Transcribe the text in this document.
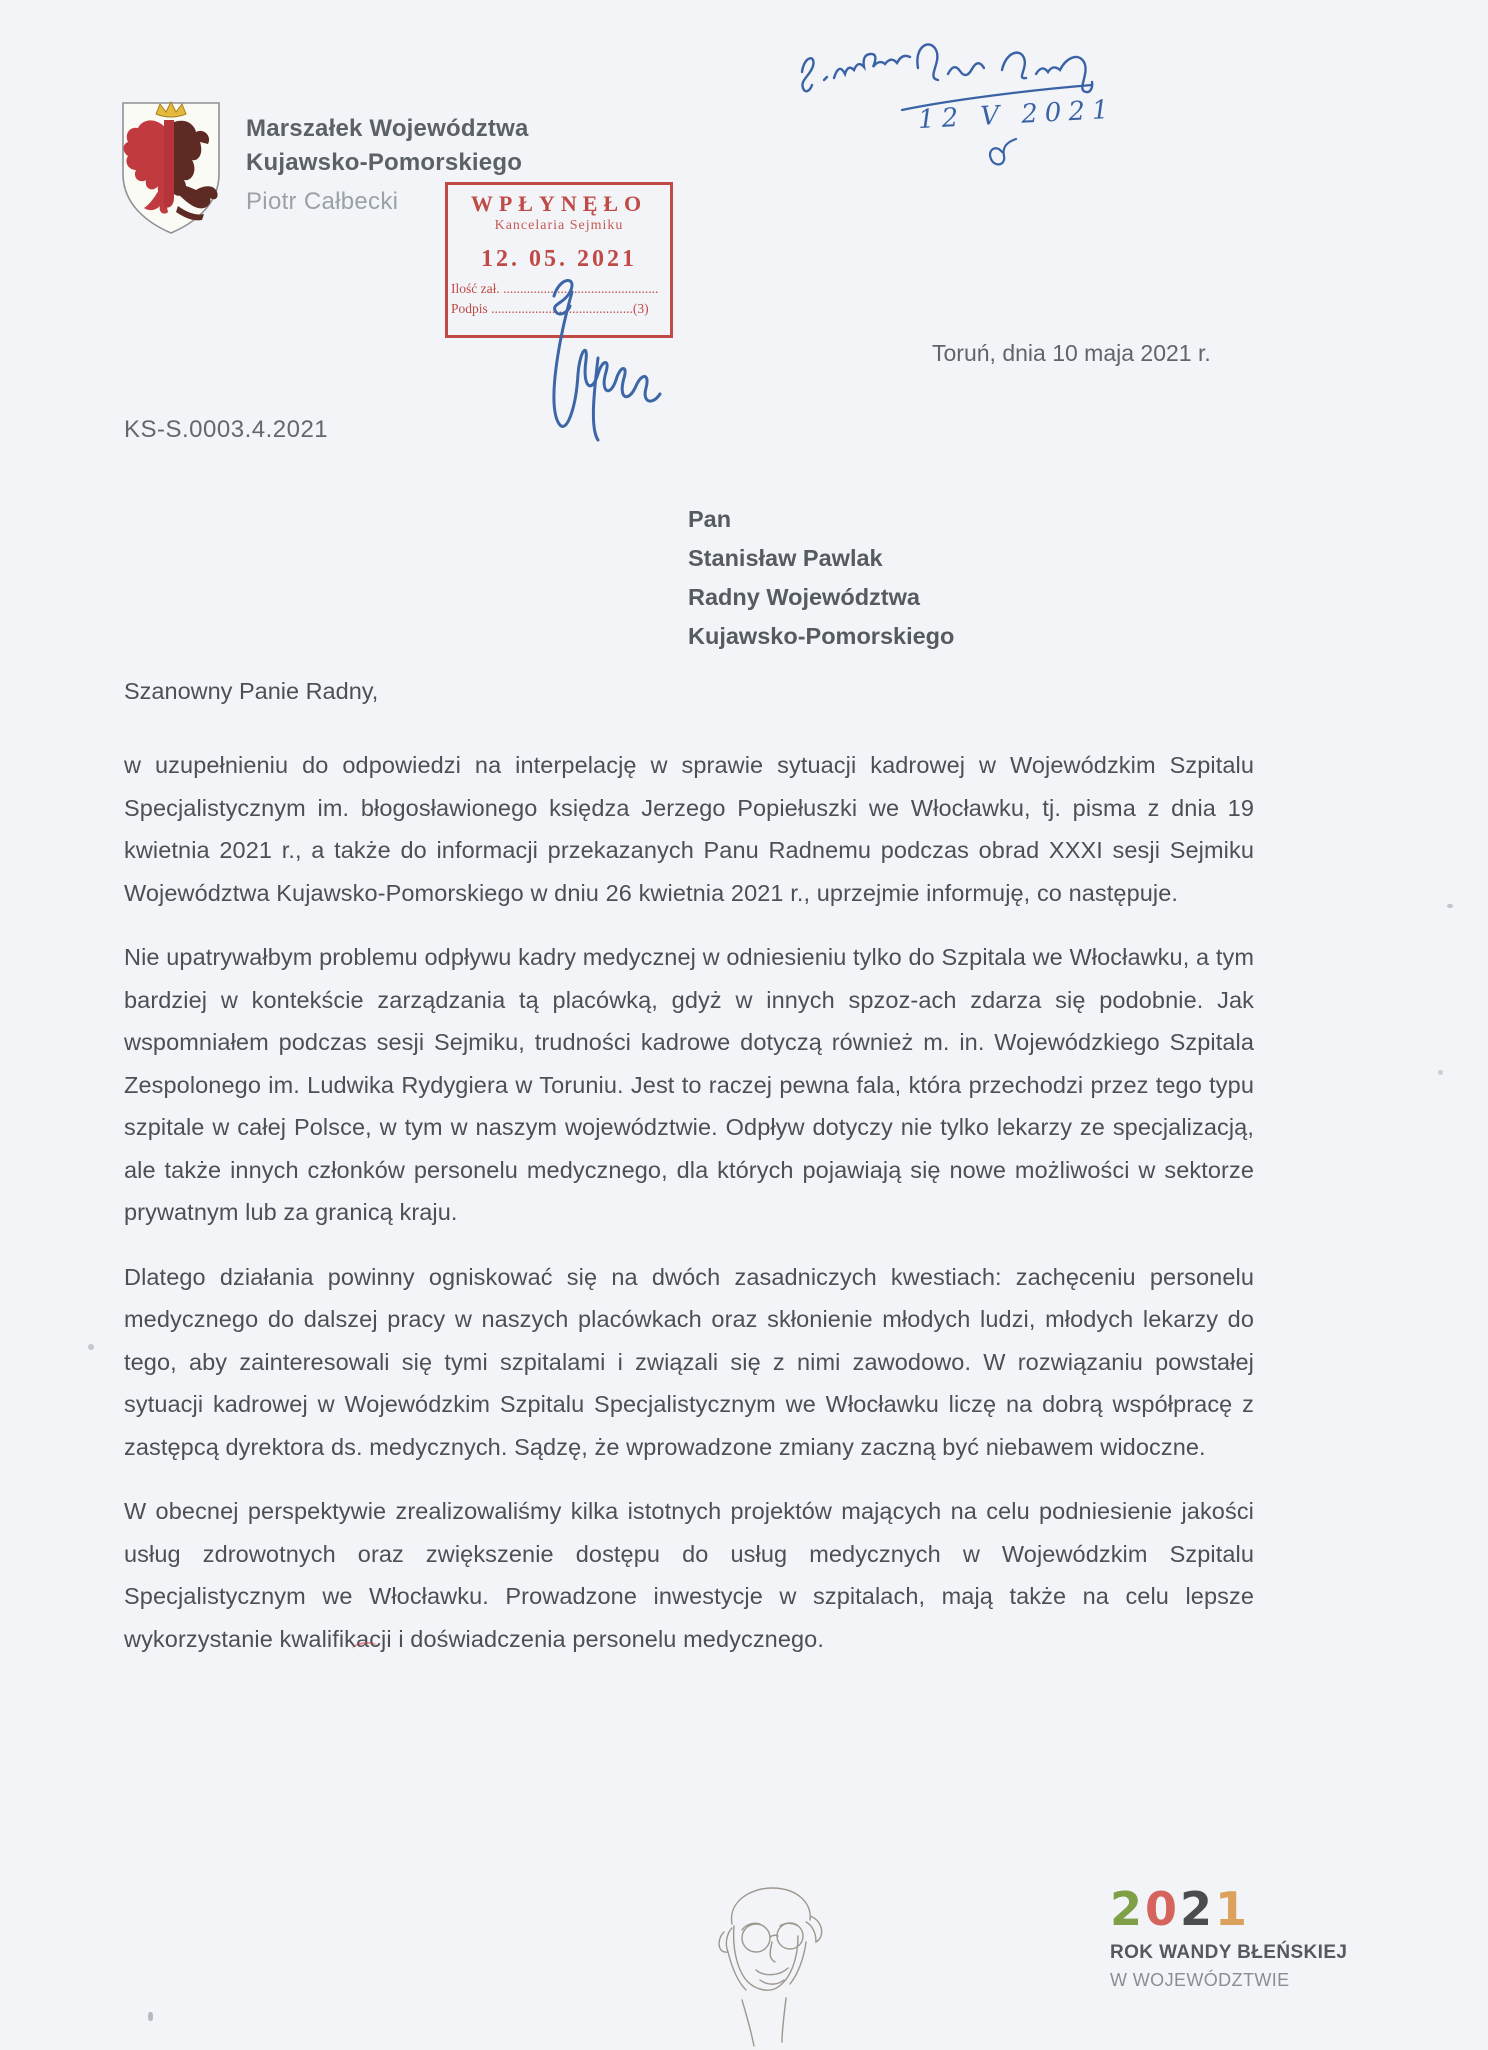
Marszałek Województwa
Kujawsko-Pomorskiego
Piotr Całbecki
12 V 2021
WPŁYNĘŁO
Kancelaria Sejmiku
12. 05. 2021
Ilość zał. ..............................................
Podpis ..........................................(3)
Toruń, dnia 10 maja 2021 r.
KS-S.0003.4.2021
Pan
Stanisław Pawlak
Radny Województwa
Kujawsko-Pomorskiego
Szanowny Panie Radny,

w uzupełnieniu do odpowiedzi na interpelację w sprawie sytuacji kadrowej w Wojewódzkim Szpitalu Specjalistycznym im. błogosławionego księdza Jerzego Popiełuszki we Włocławku, tj. pisma z dnia 19 kwietnia 2021 r., a także do informacji przekazanych Panu Radnemu podczas obrad XXXI sesji Sejmiku Województwa Kujawsko-Pomorskiego w dniu 26 kwietnia 2021 r., uprzejmie informuję, co następuje.

Nie upatrywałbym problemu odpływu kadry medycznej w odniesieniu tylko do Szpitala we Włocławku, a tym bardziej w kontekście zarządzania tą placówką, gdyż w innych spzoz-ach zdarza się podobnie. Jak wspomniałem podczas sesji Sejmiku, trudności kadrowe dotyczą również m. in. Wojewódzkiego Szpitala Zespolonego im. Ludwika Rydygiera w Toruniu. Jest to raczej pewna fala, która przechodzi przez tego typu szpitale w całej Polsce, w tym w naszym województwie. Odpływ dotyczy nie tylko lekarzy ze specjalizacją, ale także innych członków personelu medycznego, dla których pojawiają się nowe możliwości w sektorze prywatnym lub za granicą kraju.

Dlatego działania powinny ogniskować się na dwóch zasadniczych kwestiach: zachęceniu personelu medycznego do dalszej pracy w naszych placówkach oraz skłonienie młodych ludzi, młodych lekarzy do tego, aby zainteresowali się tymi szpitalami i związali się z nimi zawodowo. W rozwiązaniu powstałej sytuacji kadrowej w Wojewódzkim Szpitalu Specjalistycznym we Włocławku liczę na dobrą współpracę z zastępcą dyrektora ds. medycznych. Sądzę, że wprowadzone zmiany zaczną być niebawem widoczne.

W obecnej perspektywie zrealizowaliśmy kilka istotnych projektów mających na celu podniesienie jakości usług zdrowotnych oraz zwiększenie dostępu do usług medycznych w Wojewódzkim Szpitalu Specjalistycznym we Włocławku. Prowadzone inwestycje w szpitalach, mają także na celu lepsze wykorzystanie kwalifikacji i doświadczenia personelu medycznego.

2021
ROK WANDY BŁEŃSKIEJ
W WOJEWÓDZTWIE
